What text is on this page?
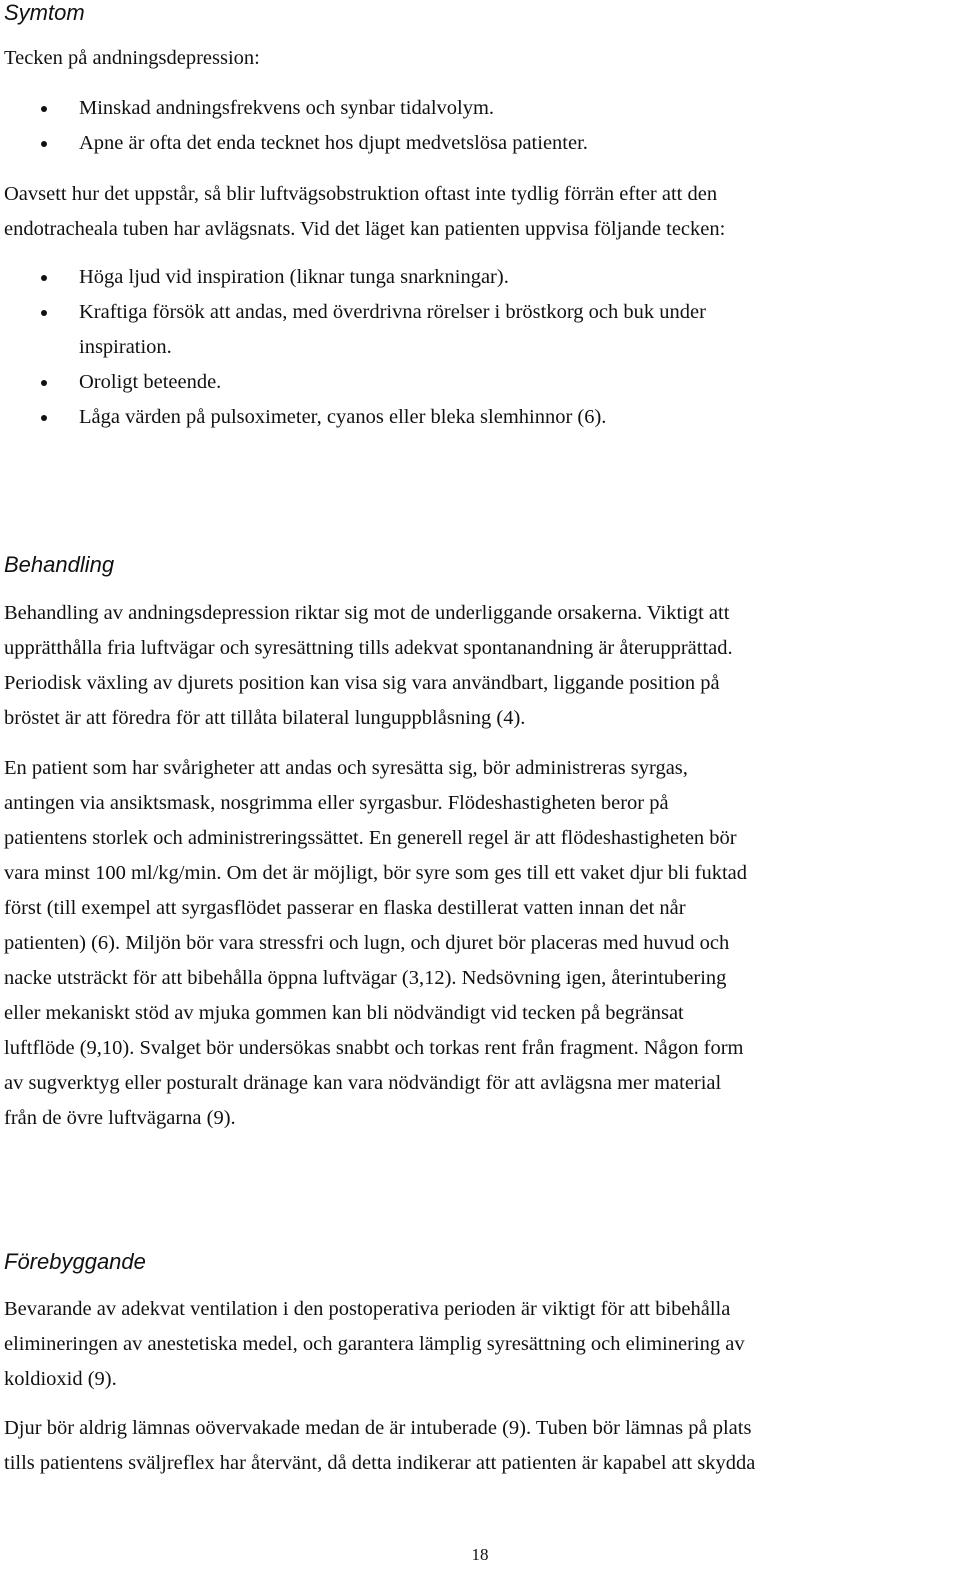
Symtom

Tecken på andningsdepression:

Minskad andningsfrekvens och synbar tidalvolym.
Apne är ofta det enda tecknet hos djupt medvetslösa patienter.

Oavsett hur det uppstår, så blir luftvägsobstruktion oftast inte tydlig förrän efter att den
endotracheala tuben har avlägsnats. Vid det läget kan patienten uppvisa följande tecken:

Höga ljud vid inspiration (liknar tunga snarkningar).
Kraftiga försök att andas, med överdrivna rörelser i bröstkorg och buk under
inspiration.
Oroligt beteende.
Låga värden på pulsoximeter, cyanos eller bleka slemhinnor (6).
Behandling

Behandling av andningsdepression riktar sig mot de underliggande orsakerna. Viktigt att
upprätthålla fria luftvägar och syresättning tills adekvat spontanandning är återupprättad.
Periodisk växling av djurets position kan visa sig vara användbart, liggande position på
bröstet är att föredra för att tillåta bilateral lunguppblåsning (4).

En patient som har svårigheter att andas och syresätta sig, bör administreras syrgas,
antingen via ansiktsmask, nosgrimma eller syrgasbur. Flödeshastigheten beror på
patientens storlek och administreringssättet. En generell regel är att flödeshastigheten bör
vara minst 100 ml/kg/min. Om det är möjligt, bör syre som ges till ett vaket djur bli fuktad
först (till exempel att syrgasflödet passerar en flaska destillerat vatten innan det når
patienten) (6). Miljön bör vara stressfri och lugn, och djuret bör placeras med huvud och
nacke utsträckt för att bibehålla öppna luftvägar (3,12). Nedsövning igen, återintubering
eller mekaniskt stöd av mjuka gommen kan bli nödvändigt vid tecken på begränsat
luftflöde (9,10). Svalget bör undersökas snabbt och torkas rent från fragment. Någon form
av sugverktyg eller posturalt dränage kan vara nödvändigt för att avlägsna mer material
från de övre luftvägarna (9).

Förebyggande

Bevarande av adekvat ventilation i den postoperativa perioden är viktigt för att bibehålla
elimineringen av anestetiska medel, och garantera lämplig syresättning och eliminering av
koldioxid (9).

Djur bör aldrig lämnas oövervakade medan de är intuberade (9). Tuben bör lämnas på plats
tills patientens sväljreflex har återvänt, då detta indikerar att patienten är kapabel att skydda

18
